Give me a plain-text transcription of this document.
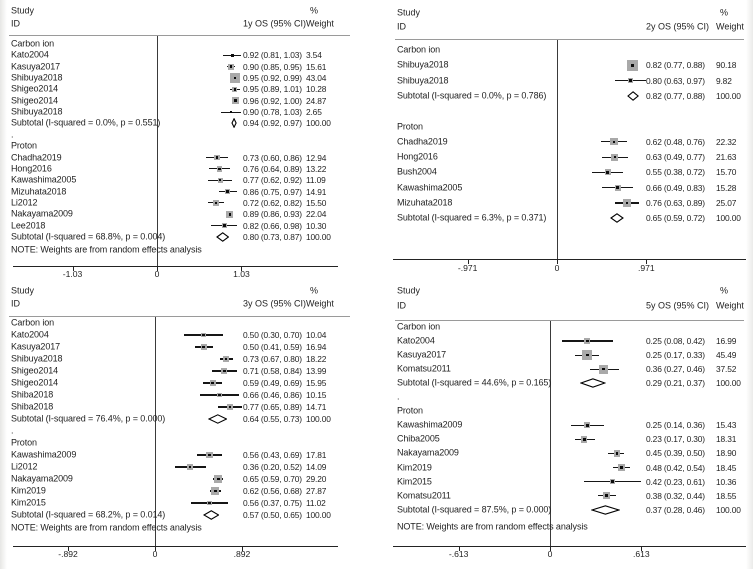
Study
ID
%
1y OS (95% CI) Weight
Carbon ion
Kato2004	0.92 (0.81, 1.03) 3.54
Kasuya2017	0.90 (0.85, 0.95) 15.61
Shibuya2018	0.95 (0.92, 0.99) 43.04
Shigeo2014	0.95 (0.89, 1.01) 10.28
Shigeo2014	0.96 (0.92, 1.00) 24.87
Shibuya2018	0.90 (0.78, 1.03) 2.65
Subtotal (I-squared = 0.0%, p = 0.551)	0.94 (0.92, 0.97) 100.00
.
Proton
Chadha2019	0.73 (0.60, 0.86) 12.94
Hong2016	0.76 (0.64, 0.89) 13.22
Kawashima2005	0.77 (0.62, 0.92) 11.09
Mizuhata2018	0.86 (0.75, 0.97) 14.91
Li2012	0.72 (0.62, 0.82) 15.50
Nakayama2009	0.89 (0.86, 0.93) 22.04
Lee2018	0.82 (0.66, 0.98) 10.30
Subtotal (I-squared = 68.8%, p = 0.004)	0.80 (0.73, 0.87) 100.00
NOTE: Weights are from random effects analysis
-1.03	0	1.03
Study
ID
%
2y OS (95% CI) Weight
Carbon ion
Shibuya2018	0.82 (0.77, 0.88) 90.18
Shibuya2018	0.80 (0.63, 0.97) 9.82
Subtotal (I-squared = 0.0%, p = 0.786)	0.82 (0.77, 0.88) 100.00
Proton
Chadha2019	0.62 (0.48, 0.76) 22.32
Hong2016	0.63 (0.49, 0.77) 21.63
Bush2004	0.55 (0.38, 0.72) 15.70
Kawashima2005	0.66 (0.49, 0.83) 15.28
Mizuhata2018	0.76 (0.63, 0.89) 25.07
Subtotal (I-squared = 6.3%, p = 0.371)	0.65 (0.59, 0.72) 100.00
-.971	0	.971
Study
ID
%
3y OS (95% CI) Weight
Carbon ion
Kato2004	0.50 (0.30, 0.70) 10.04
Kasuya2017	0.50 (0.41, 0.59) 16.94
Shibuya2018	0.73 (0.67, 0.80) 18.22
Shigeo2014	0.71 (0.58, 0.84) 13.99
Shigeo2014	0.59 (0.49, 0.69) 15.95
Shiba2018	0.66 (0.46, 0.86) 10.15
Shiba2018	0.77 (0.65, 0.89) 14.71
Subtotal (I-squared = 76.4%, p = 0.000)	0.64 (0.55, 0.73) 100.00
.
Proton
Kawashima2009	0.56 (0.43, 0.69) 17.81
Li2012	0.36 (0.20, 0.52) 14.09
Nakayama2009	0.65 (0.59, 0.70) 29.20
Kim2019	0.62 (0.56, 0.68) 27.87
Kim2015	0.56 (0.37, 0.75) 11.02
Subtotal (I-squared = 68.2%, p = 0.014)	0.57 (0.50, 0.65) 100.00
NOTE: Weights are from random effects analysis
-.892	0	.892
Study
ID
%
5y OS (95% CI) Weight
Carbon ion
Kato2004	0.25 (0.08, 0.42) 16.99
Kasuya2017	0.25 (0.17, 0.33) 45.49
Komatsu2011	0.36 (0.27, 0.46) 37.52
Subtotal (I-squared = 44.6%, p = 0.165)	0.29 (0.21, 0.37) 100.00
.
Proton
Kawashima2009	0.25 (0.14, 0.36) 15.43
Chiba2005	0.23 (0.17, 0.30) 18.31
Nakayama2009	0.45 (0.39, 0.50) 18.90
Kim2019	0.48 (0.42, 0.54) 18.45
Kim2015	0.42 (0.23, 0.61) 10.36
Komatsu2011	0.38 (0.32, 0.44) 18.55
Subtotal (I-squared = 87.5%, p = 0.000)	0.37 (0.28, 0.46) 100.00
NOTE: Weights are from random effects analysis
-.613	0	.613
